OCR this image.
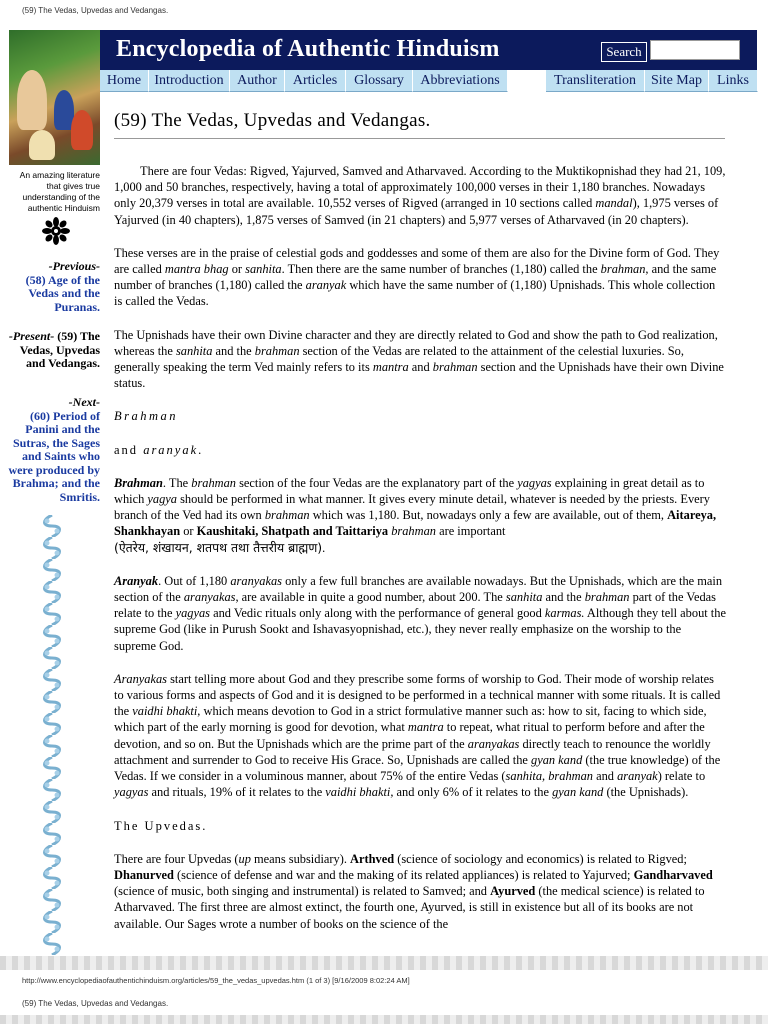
(59) The Vedas, Upvedas and Vedangas.
Encyclopedia of Authentic Hinduism	Search
Home Introduction Author	Articles	Glossary	Abbreviations	Transliteration	Site Map	Links
(59) The Vedas, Upvedas and Vedangas.
An amazing literature that gives true understanding of the authentic Hinduism
-Previous-
(58) Age of the Vedas and the Puranas.
-Present- (59) The Vedas, Upvedas and Vedangas.
-Next-
(60) Period of Panini and the Sutras, the Sages and Saints who were produced by Brahma; and the Smritis.

There are four Vedas: Rigved, Yajurved, Samved and Atharvaved. According to the Muktikopnishad they had 21, 109, 1,000 and 50 branches, respectively, having a total of approximately 100,000 verses in their 1,180 branches. Nowadays only 20,379 verses in total are available. 10,552 verses of Rigved (arranged in 10 sections called mandal), 1,975 verses of Yajurved (in 40 chapters), 1,875 verses of Samved (in 21 chapters) and 5,977 verses of Atharvaved (in 20 chapters).

These verses are in the praise of celestial gods and goddesses and some of them are also for the Divine form of God. They are called mantra bhag or sanhita. Then there are the same number of branches (1,180) called the brahman, and the same number of branches (1,180) called the aranyak which have the same number of (1,180) Upnishads. This whole collection is called the Vedas.

The Upnishads have their own Divine character and they are directly related to God and show the path to God realization, whereas the sanhita and the brahman section of the Vedas are related to the attainment of the celestial luxuries. So, generally speaking the term Ved mainly refers to its mantra and brahman section and the Upnishads have their own Divine status.

Brahman

and aranyak.

Brahman. The brahman section of the four Vedas are the explanatory part of the yagyas explaining in great detail as to which yagya should be performed in what manner. It gives every minute detail, whatever is needed by the priests. Every branch of the Ved had its own brahman which was 1,180. But, nowadays only a few are available, out of them, Aitareya, Shankhayan or Kaushitaki, Shatpath and Taittariya brahman are important
(ऐतरेय, शंखायन, शतपथ तथा तैत्तरीय ब्राह्मण).

Aranyak. Out of 1,180 aranyakas only a few full branches are available nowadays. But the Upnishads, which are the main section of the aranyakas, are available in quite a good number, about 200. The sanhita and the brahman part of the Vedas relate to the yagyas and Vedic rituals only along with the performance of general good karmas. Although they tell about the supreme God (like in Purush Sookt and Ishavasyopnishad, etc.), they never really emphasize on the worship to the supreme God.

Aranyakas start telling more about God and they prescribe some forms of worship to God. Their mode of worship relates to various forms and aspects of God and it is designed to be performed in a technical manner with some rituals. It is called the vaidhi bhakti, which means devotion to God in a strict formulative manner such as: how to sit, facing to which side, which part of the early morning is good for devotion, what mantra to repeat, what ritual to perform before and after the devotion, and so on. But the Upnishads which are the prime part of the aranyakas directly teach to renounce the worldly attachment and surrender to God to receive His Grace. So, Upnishads are called the gyan kand (the true knowledge) of the Vedas. If we consider in a voluminous manner, about 75% of the entire Vedas (sanhita, brahman and aranyak) relate to yagyas and rituals, 19% of it relates to the vaidhi bhakti, and only 6% of it relates to the gyan kand (the Upnishads).

The Upvedas.

There are four Upvedas (up means subsidiary). Arthved (science of sociology and economics) is related to Rigved; Dhanurved (science of defense and war and the making of its related appliances) is related to Yajurved; Gandharvaved (science of music, both singing and instrumental) is related to Samved; and Ayurved (the medical science) is related to Atharvaved. The first three are almost extinct, the fourth one, Ayurved, is still in existence but all of its books are not available. Our Sages wrote a number of books on the science of the

http://www.encyclopediaofauthentichinduism.org/articles/59_the_vedas_upvedas.htm (1 of 3) [9/16/2009 8:02:24 AM]
(59) The Vedas, Upvedas and Vedangas.
